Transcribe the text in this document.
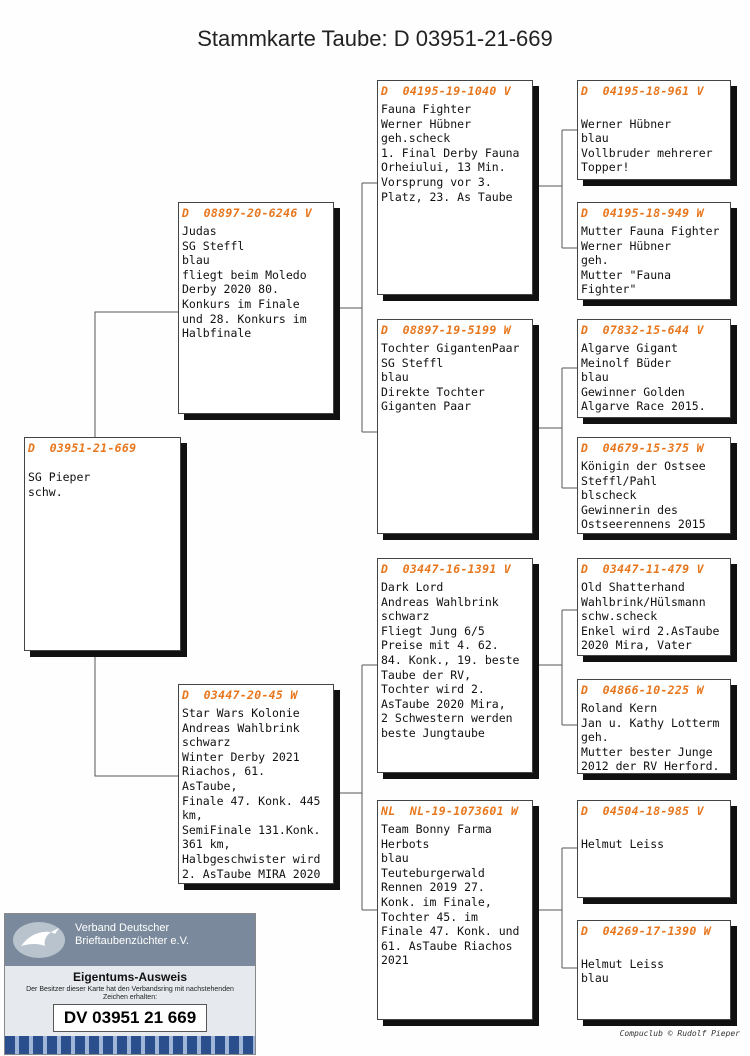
Stammkarte Taube: D 03951-21-669
D  03951-21-669
SG Pieper
schw.
D  08897-20-6246 V
Judas
SG Steffl
blau
fliegt beim Moledo
Derby 2020 80.
Konkurs im Finale
und 28. Konkurs im
Halbfinale
D  03447-20-45 W
Star Wars Kolonie
Andreas Wahlbrink
schwarz
Winter Derby 2021
Riachos, 61.
AsTaube,
Finale 47. Konk. 445
km,
SemiFinale 131.Konk.
361 km,
Halbgeschwister wird
2. AsTaube MIRA 2020
D  04195-19-1040 V
Fauna Fighter
Werner Hübner
geh.scheck
1. Final Derby Fauna
Orheiului, 13 Min.
Vorsprung vor 3.
Platz, 23. As Taube
D  08897-19-5199 W
Tochter GigantenPaar
SG Steffl
blau
Direkte Tochter
Giganten Paar
D  03447-16-1391 V
Dark Lord
Andreas Wahlbrink
schwarz
Fliegt Jung 6/5
Preise mit 4. 62.
84. Konk., 19. beste
Taube der RV,
Tochter wird 2.
AsTaube 2020 Mira,
2 Schwestern werden
beste Jungtaube
NL  NL-19-1073601 W
Team Bonny Farma
Herbots
blau
Teuteburgerwald
Rennen 2019 27.
Konk. im Finale,
Tochter 45. im
Finale 47. Konk. und
61. AsTaube Riachos
2021
D  04195-18-961 V

Werner Hübner
blau
Vollbruder mehrerer
Topper!
D  04195-18-949 W
Mutter Fauna Fighter
Werner Hübner
geh.
Mutter "Fauna
Fighter"
D  07832-15-644 V
Algarve Gigant
Meinolf Büder
blau
Gewinner Golden
Algarve Race 2015.
D  04679-15-375 W
Königin der Ostsee
Steffl/Pahl
blscheck
Gewinnerin des
Ostseerennens 2015
D  03447-11-479 V
Old Shatterhand
Wahlbrink/Hülsmann
schw.scheck
Enkel wird 2.AsTaube
2020 Mira, Vater
D  04866-10-225 W
Roland Kern
Jan u. Kathy Lotterm
geh.
Mutter bester Junge
2012 der RV Herford.
D  04504-18-985 V

Helmut Leiss
D  04269-17-1390 W

Helmut Leiss
blau
Verband Deutscher
Brieftaubenzüchter e.V.
Eigentums-Ausweis
Der Besitzer dieser Karte hat den Verbandsring mit nachstehenden Zeichen erhalten:
DV 03951 21 669
Compuclub © Rudolf Pieper
